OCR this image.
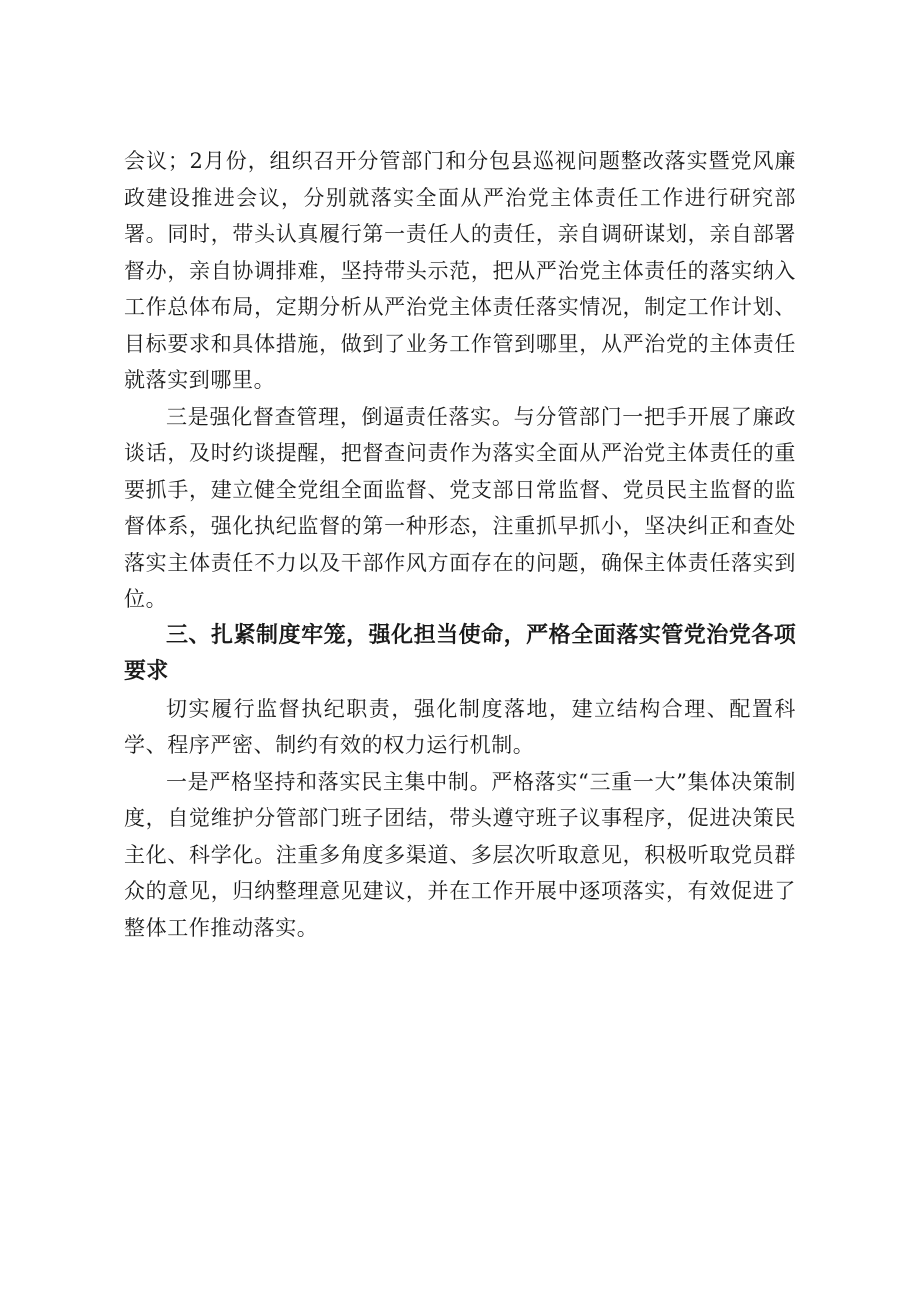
会议；2月份，组织召开分管部门和分包县巡视问题整改落实暨党风廉政建设推进会议，分别就落实全面从严治党主体责任工作进行研究部署。同时，带头认真履行第一责任人的责任，亲自调研谋划，亲自部署督办，亲自协调排难，坚持带头示范，把从严治党主体责任的落实纳入工作总体布局，定期分析从严治党主体责任落实情况，制定工作计划、目标要求和具体措施，做到了业务工作管到哪里，从严治党的主体责任就落实到哪里。

三是强化督查管理，倒逼责任落实。与分管部门一把手开展了廉政谈话，及时约谈提醒，把督查问责作为落实全面从严治党主体责任的重要抓手，建立健全党组全面监督、党支部日常监督、党员民主监督的监督体系，强化执纪监督的第一种形态，注重抓早抓小，坚决纠正和查处落实主体责任不力以及干部作风方面存在的问题，确保主体责任落实到位。

三、扎紧制度牢笼，强化担当使命，严格全面落实管党治党各项要求

切实履行监督执纪职责，强化制度落地，建立结构合理、配置科学、程序严密、制约有效的权力运行机制。

一是严格坚持和落实民主集中制。严格落实“三重一大”集体决策制度，自觉维护分管部门班子团结，带头遵守班子议事程序，促进决策民主化、科学化。注重多角度多渠道、多层次听取意见，积极听取党员群众的意见，归纳整理意见建议，并在工作开展中逐项落实，有效促进了整体工作推动落实。
